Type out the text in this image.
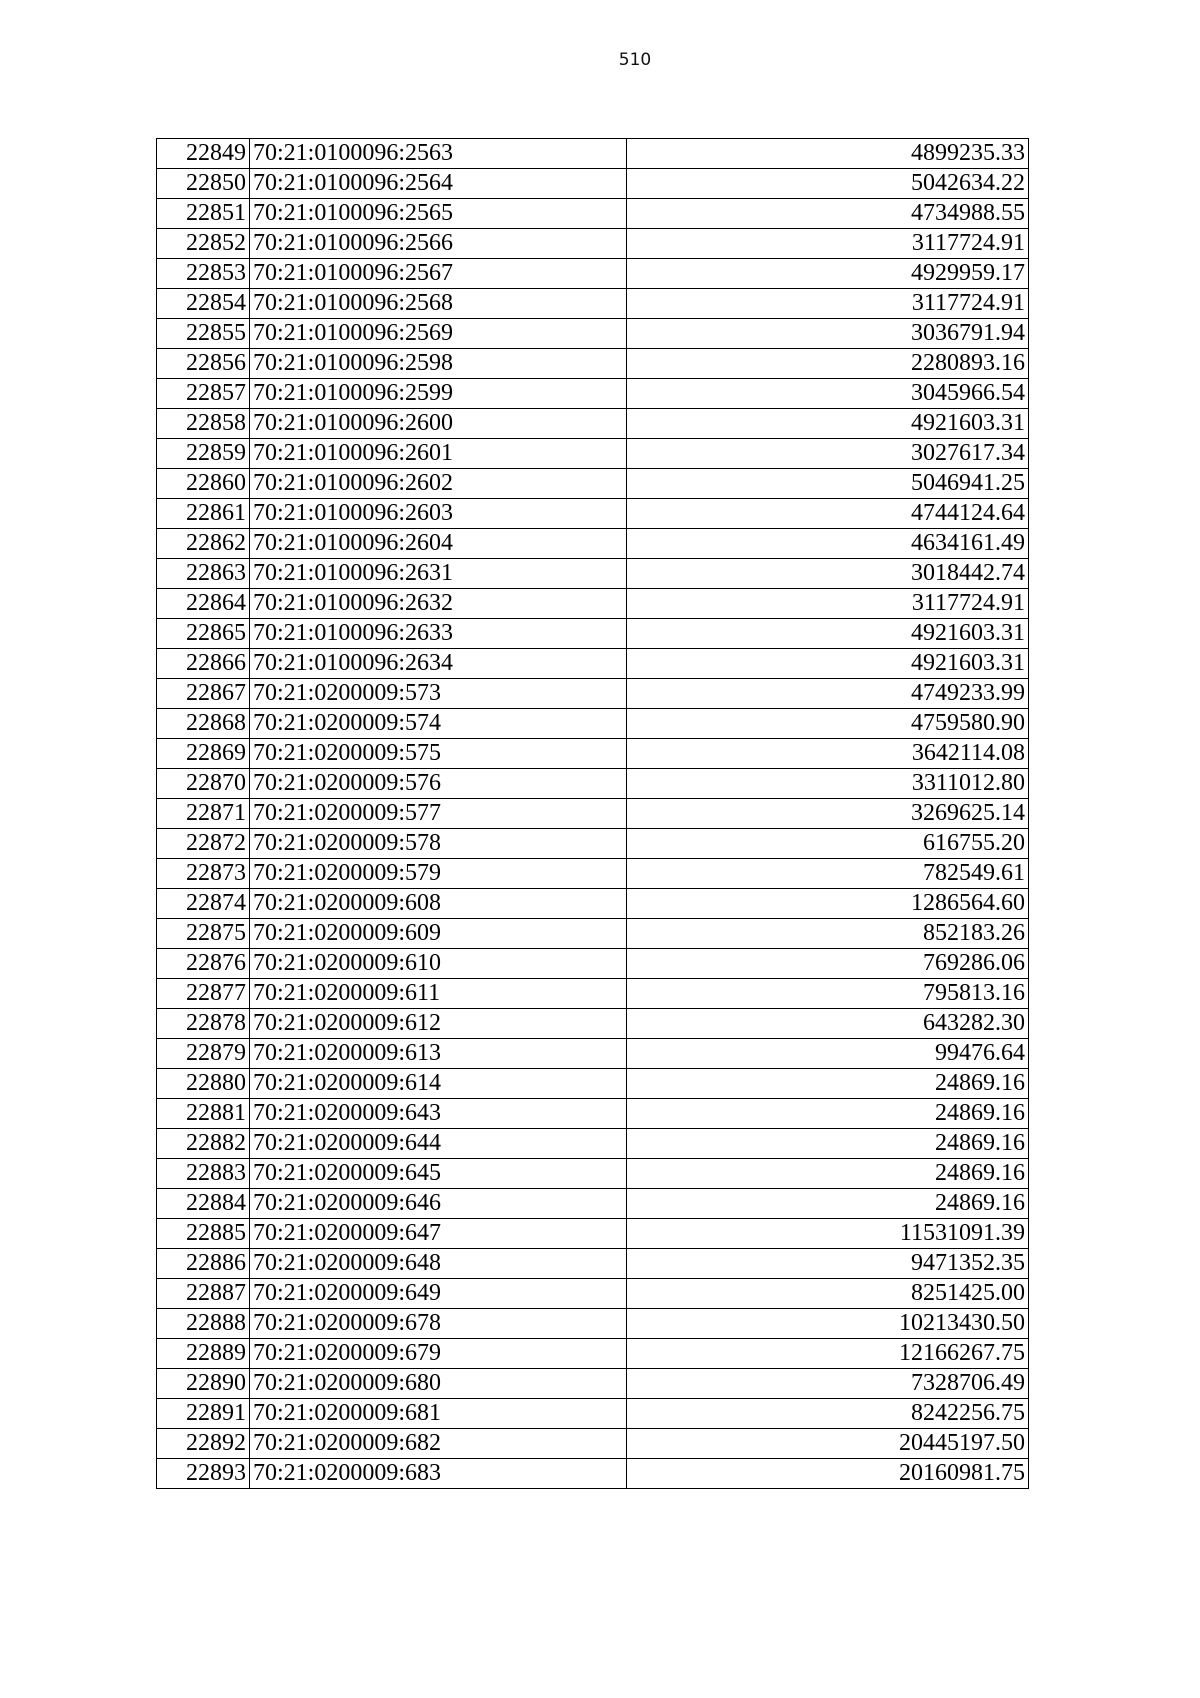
510
22849	70:21:0100096:2563	4899235.33
22850	70:21:0100096:2564	5042634.22
22851	70:21:0100096:2565	4734988.55
22852	70:21:0100096:2566	3117724.91
22853	70:21:0100096:2567	4929959.17
22854	70:21:0100096:2568	3117724.91
22855	70:21:0100096:2569	3036791.94
22856	70:21:0100096:2598	2280893.16
22857	70:21:0100096:2599	3045966.54
22858	70:21:0100096:2600	4921603.31
22859	70:21:0100096:2601	3027617.34
22860	70:21:0100096:2602	5046941.25
22861	70:21:0100096:2603	4744124.64
22862	70:21:0100096:2604	4634161.49
22863	70:21:0100096:2631	3018442.74
22864	70:21:0100096:2632	3117724.91
22865	70:21:0100096:2633	4921603.31
22866	70:21:0100096:2634	4921603.31
22867	70:21:0200009:573	4749233.99
22868	70:21:0200009:574	4759580.90
22869	70:21:0200009:575	3642114.08
22870	70:21:0200009:576	3311012.80
22871	70:21:0200009:577	3269625.14
22872	70:21:0200009:578	616755.20
22873	70:21:0200009:579	782549.61
22874	70:21:0200009:608	1286564.60
22875	70:21:0200009:609	852183.26
22876	70:21:0200009:610	769286.06
22877	70:21:0200009:611	795813.16
22878	70:21:0200009:612	643282.30
22879	70:21:0200009:613	99476.64
22880	70:21:0200009:614	24869.16
22881	70:21:0200009:643	24869.16
22882	70:21:0200009:644	24869.16
22883	70:21:0200009:645	24869.16
22884	70:21:0200009:646	24869.16
22885	70:21:0200009:647	11531091.39
22886	70:21:0200009:648	9471352.35
22887	70:21:0200009:649	8251425.00
22888	70:21:0200009:678	10213430.50
22889	70:21:0200009:679	12166267.75
22890	70:21:0200009:680	7328706.49
22891	70:21:0200009:681	8242256.75
22892	70:21:0200009:682	20445197.50
22893	70:21:0200009:683	20160981.75
